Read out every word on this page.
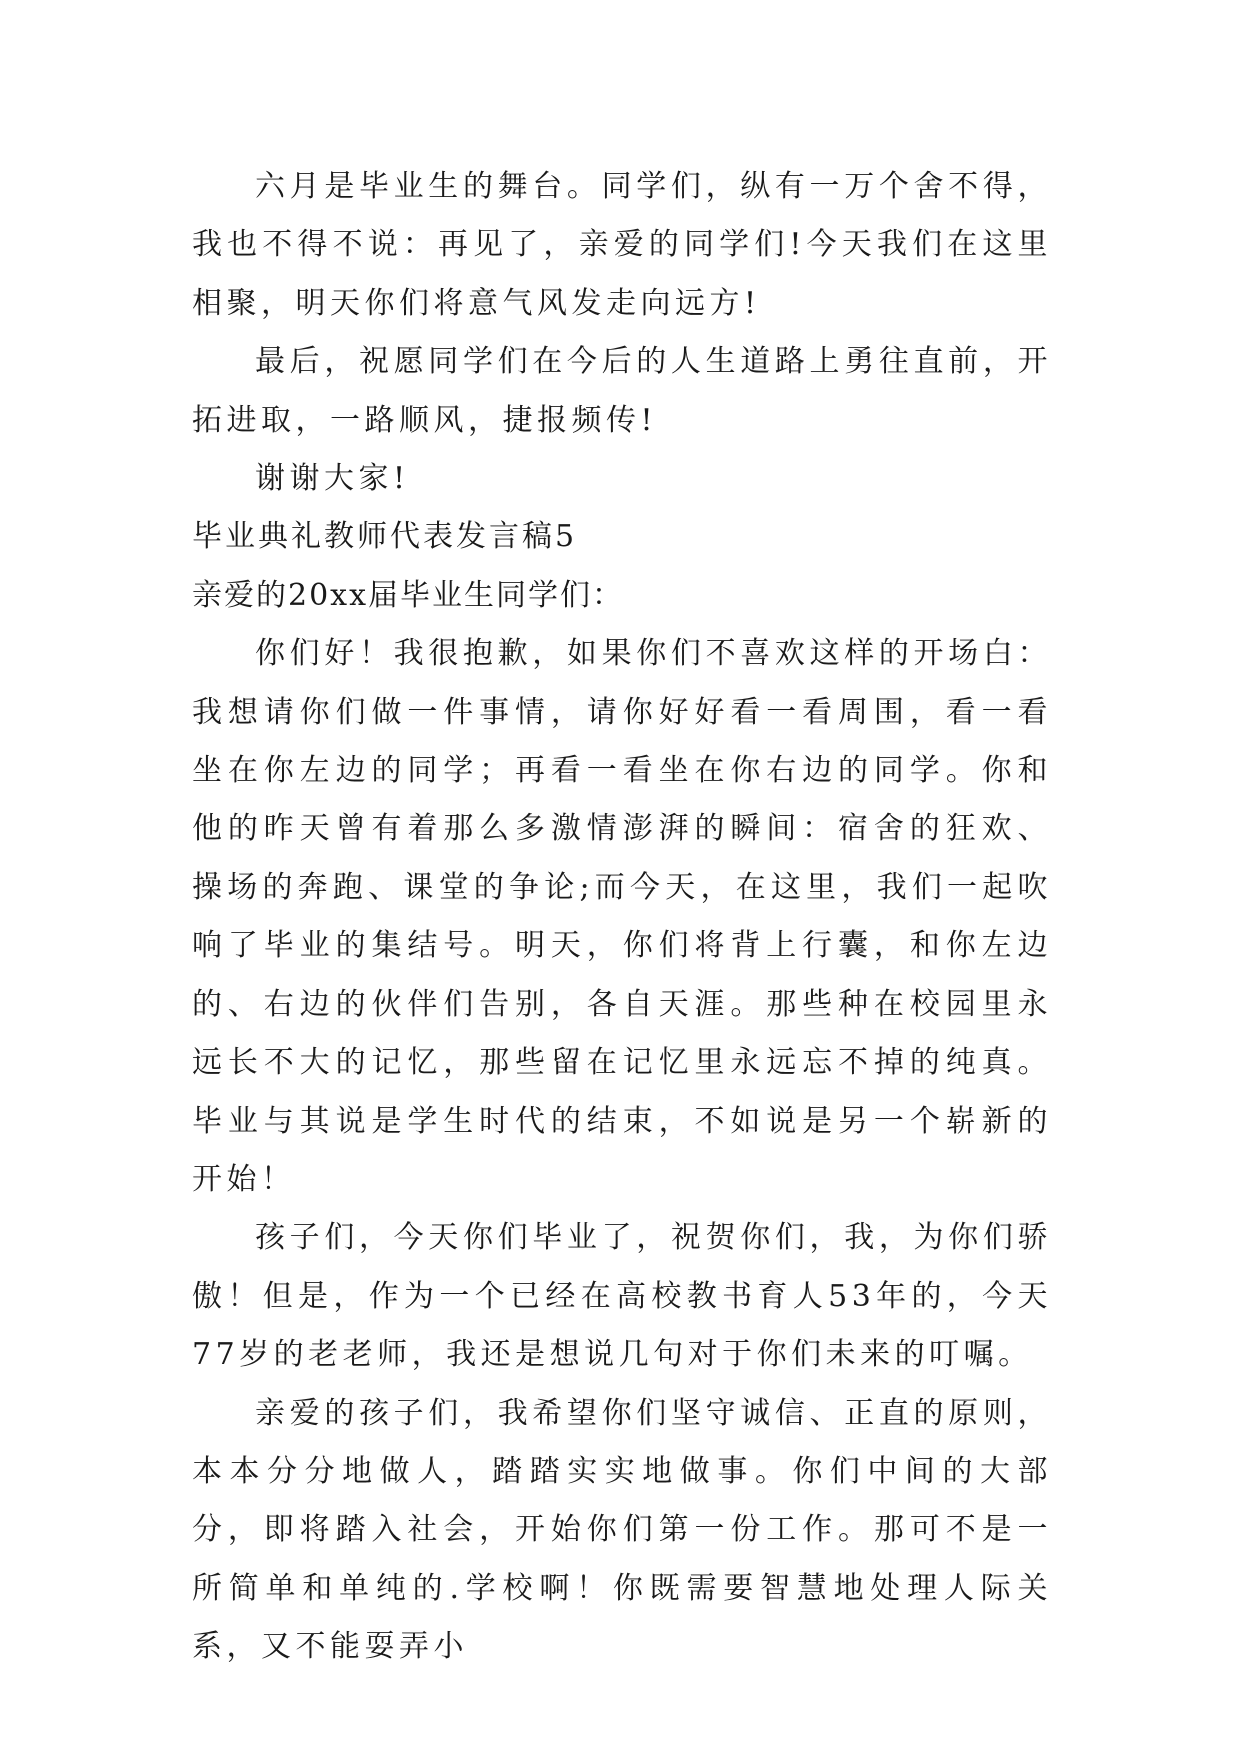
六月是毕业生的舞台。同学们，纵有一万个舍不得，我也不得不说：再见了，亲爱的同学们!今天我们在这里相聚，明天你们将意气风发走向远方!

最后，祝愿同学们在今后的人生道路上勇往直前，开拓进取，一路顺风，捷报频传!

谢谢大家!

毕业典礼教师代表发言稿5

亲爱的20xx届毕业生同学们：

你们好！我很抱歉，如果你们不喜欢这样的开场白：我想请你们做一件事情，请你好好看一看周围，看一看坐在你左边的同学；再看一看坐在你右边的同学。你和他的昨天曾有着那么多激情澎湃的瞬间：宿舍的狂欢、操场的奔跑、课堂的争论;而今天，在这里，我们一起吹响了毕业的集结号。明天，你们将背上行囊，和你左边的、右边的伙伴们告别，各自天涯。那些种在校园里永远长不大的记忆，那些留在记忆里永远忘不掉的纯真。毕业与其说是学生时代的结束，不如说是另一个崭新的开始！

孩子们，今天你们毕业了，祝贺你们，我，为你们骄傲！但是，作为一个已经在高校教书育人53年的，今天77岁的老老师，我还是想说几句对于你们未来的叮嘱。

亲爱的孩子们，我希望你们坚守诚信、正直的原则，本本分分地做人，踏踏实实地做事。你们中间的大部分，即将踏入社会，开始你们第一份工作。那可不是一所简单和单纯的.学校啊！你既需要智慧地处理人际关系，又不能耍弄小
